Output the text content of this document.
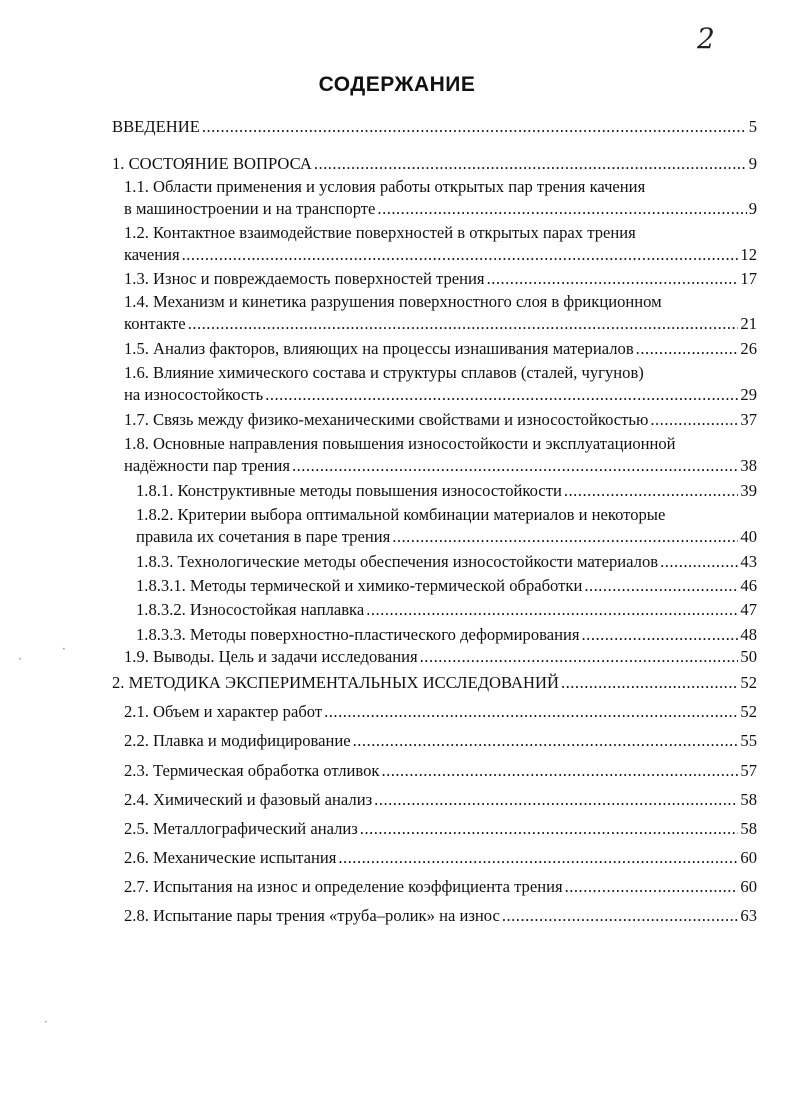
2
СОДЕРЖАНИЕ
ВВЕДЕНИЕ .....	5
1. СОСТОЯНИЕ ВОПРОСА .....	9
1.1. Области применения и условия работы открытых пар трения качения
в машиностроении и на транспорте .....	9
1.2. Контактное взаимодействие поверхностей в открытых парах трения
качения .....	12
1.3. Износ и повреждаемость поверхностей трения .....	17
1.4. Механизм и кинетика разрушения поверхностного слоя в фрикционном
контакте .....	21
1.5. Анализ факторов, влияющих на процессы изнашивания материалов .....	26
1.6. Влияние химического состава и структуры сплавов (сталей, чугунов)
на износостойкость .....	29
1.7. Связь между физико-механическими свойствами и износостойкостью .....	37
1.8. Основные направления повышения износостойкости и эксплуатационной
надёжности пар трения .....	38
1.8.1. Конструктивные методы повышения износостойкости .....	39
1.8.2. Критерии выбора оптимальной комбинации материалов и некоторые
правила их сочетания в паре трения .....	40
1.8.3. Технологические методы обеспечения износостойкости материалов .....	43
1.8.3.1. Методы термической и химико-термической обработки .....	46
1.8.3.2. Износостойкая наплавка .....	47
1.8.3.3. Методы поверхностно-пластического деформирования .....	48
1.9. Выводы. Цель и задачи исследования .....	50
2. МЕТОДИКА ЭКСПЕРИМЕНТАЛЬНЫХ ИССЛЕДОВАНИЙ .....	52
2.1. Объем и характер работ .....	52
2.2. Плавка и модифицирование .....	55
2.3. Термическая обработка отливок .....	57
2.4. Химический и фазовый анализ .....	58
2.5. Металлографический анализ .....	58
2.6. Механические испытания .....	60
2.7. Испытания на износ и определение коэффициента трения .....	60
2.8. Испытание пары трения «труба–ролик» на износ .....	63
·
·
·
